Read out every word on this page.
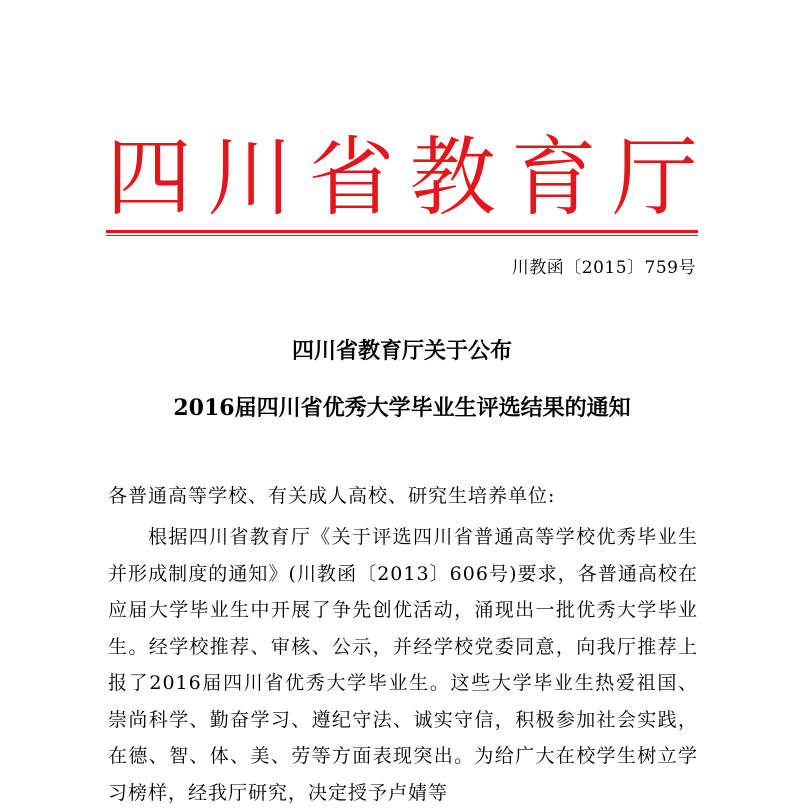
四 川 省 教 育 厅
川教函〔2015〕759号
四川省教育厅关于公布
2016届四川省优秀大学毕业生评选结果的通知
各普通高等学校、有关成人高校、研究生培养单位:

根据四川省教育厅《关于评选四川省普通高等学校优秀毕业生并形成制度的通知》(川教函〔2013〕606号)要求，各普通高校在应届大学毕业生中开展了争先创优活动，涌现出一批优秀大学毕业生。经学校推荐、审核、公示，并经学校党委同意，向我厅推荐上报了2016届四川省优秀大学毕业生。这些大学毕业生热爱祖国、崇尚科学、勤奋学习、遵纪守法、诚实守信，积极参加社会实践，在德、智、体、美、劳等方面表现突出。为给广大在校学生树立学习榜样，经我厅研究，决定授予卢婧等
